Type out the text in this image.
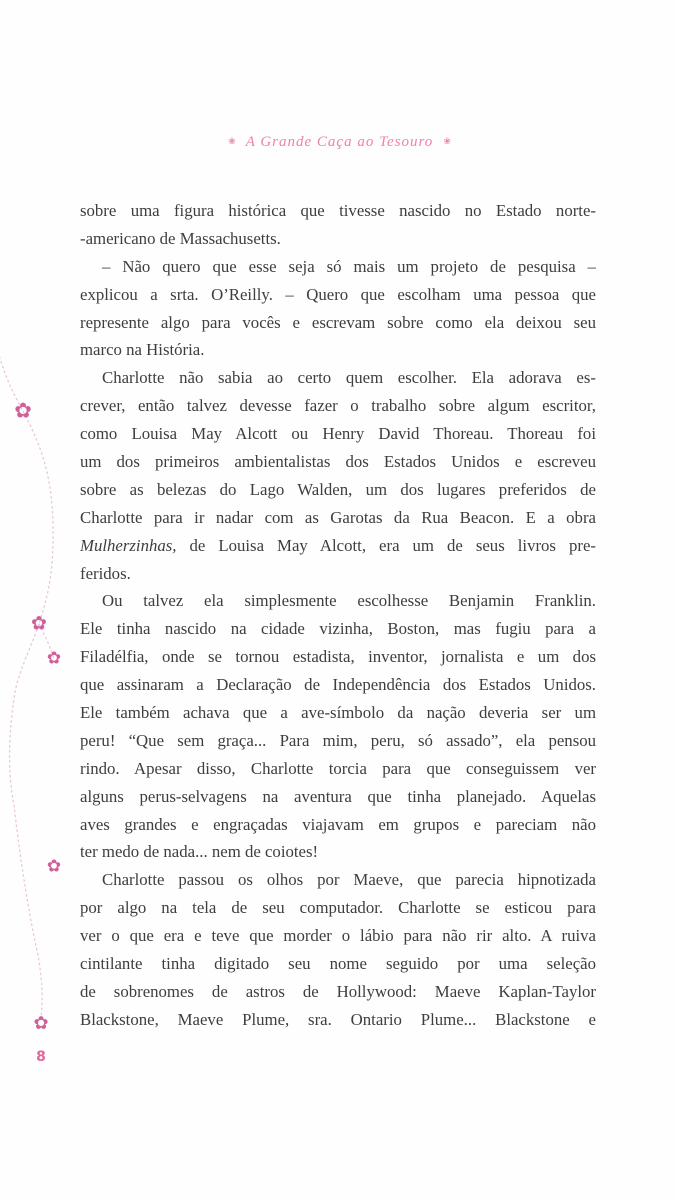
✿
✿
✿
✿
✿
❀ A Grande Caça ao Tesouro ❀
sobre uma figura histórica que tivesse nascido no Estado norte-
-americano de Massachusetts.
– Não quero que esse seja só mais um projeto de pesquisa –
explicou a srta. O’Reilly. – Quero que escolham uma pessoa que
represente algo para vocês e escrevam sobre como ela deixou seu
marco na História.
Charlotte não sabia ao certo quem escolher. Ela adorava es-
crever, então talvez devesse fazer o trabalho sobre algum escritor,
como Louisa May Alcott ou Henry David Thoreau. Thoreau foi
um dos primeiros ambientalistas dos Estados Unidos e escreveu
sobre as belezas do Lago Walden, um dos lugares preferidos de
Charlotte para ir nadar com as Garotas da Rua Beacon. E a obra
Mulherzinhas, de Louisa May Alcott, era um de seus livros pre-
feridos.
Ou talvez ela simplesmente escolhesse Benjamin Franklin.
Ele tinha nascido na cidade vizinha, Boston, mas fugiu para a
Filadélfia, onde se tornou estadista, inventor, jornalista e um dos
que assinaram a Declaração de Independência dos Estados Unidos.
Ele também achava que a ave-símbolo da nação deveria ser um
peru! “Que sem graça... Para mim, peru, só assado”, ela pensou
rindo. Apesar disso, Charlotte torcia para que conseguissem ver
alguns perus-selvagens na aventura que tinha planejado. Aquelas
aves grandes e engraçadas viajavam em grupos e pareciam não
ter medo de nada... nem de coiotes!
Charlotte passou os olhos por Maeve, que parecia hipnotizada
por algo na tela de seu computador. Charlotte se esticou para
ver o que era e teve que morder o lábio para não rir alto. A ruiva
cintilante tinha digitado seu nome seguido por uma seleção
de sobrenomes de astros de Hollywood: Maeve Kaplan-Taylor
Blackstone, Maeve Plume, sra. Ontario Plume... Blackstone e
8
